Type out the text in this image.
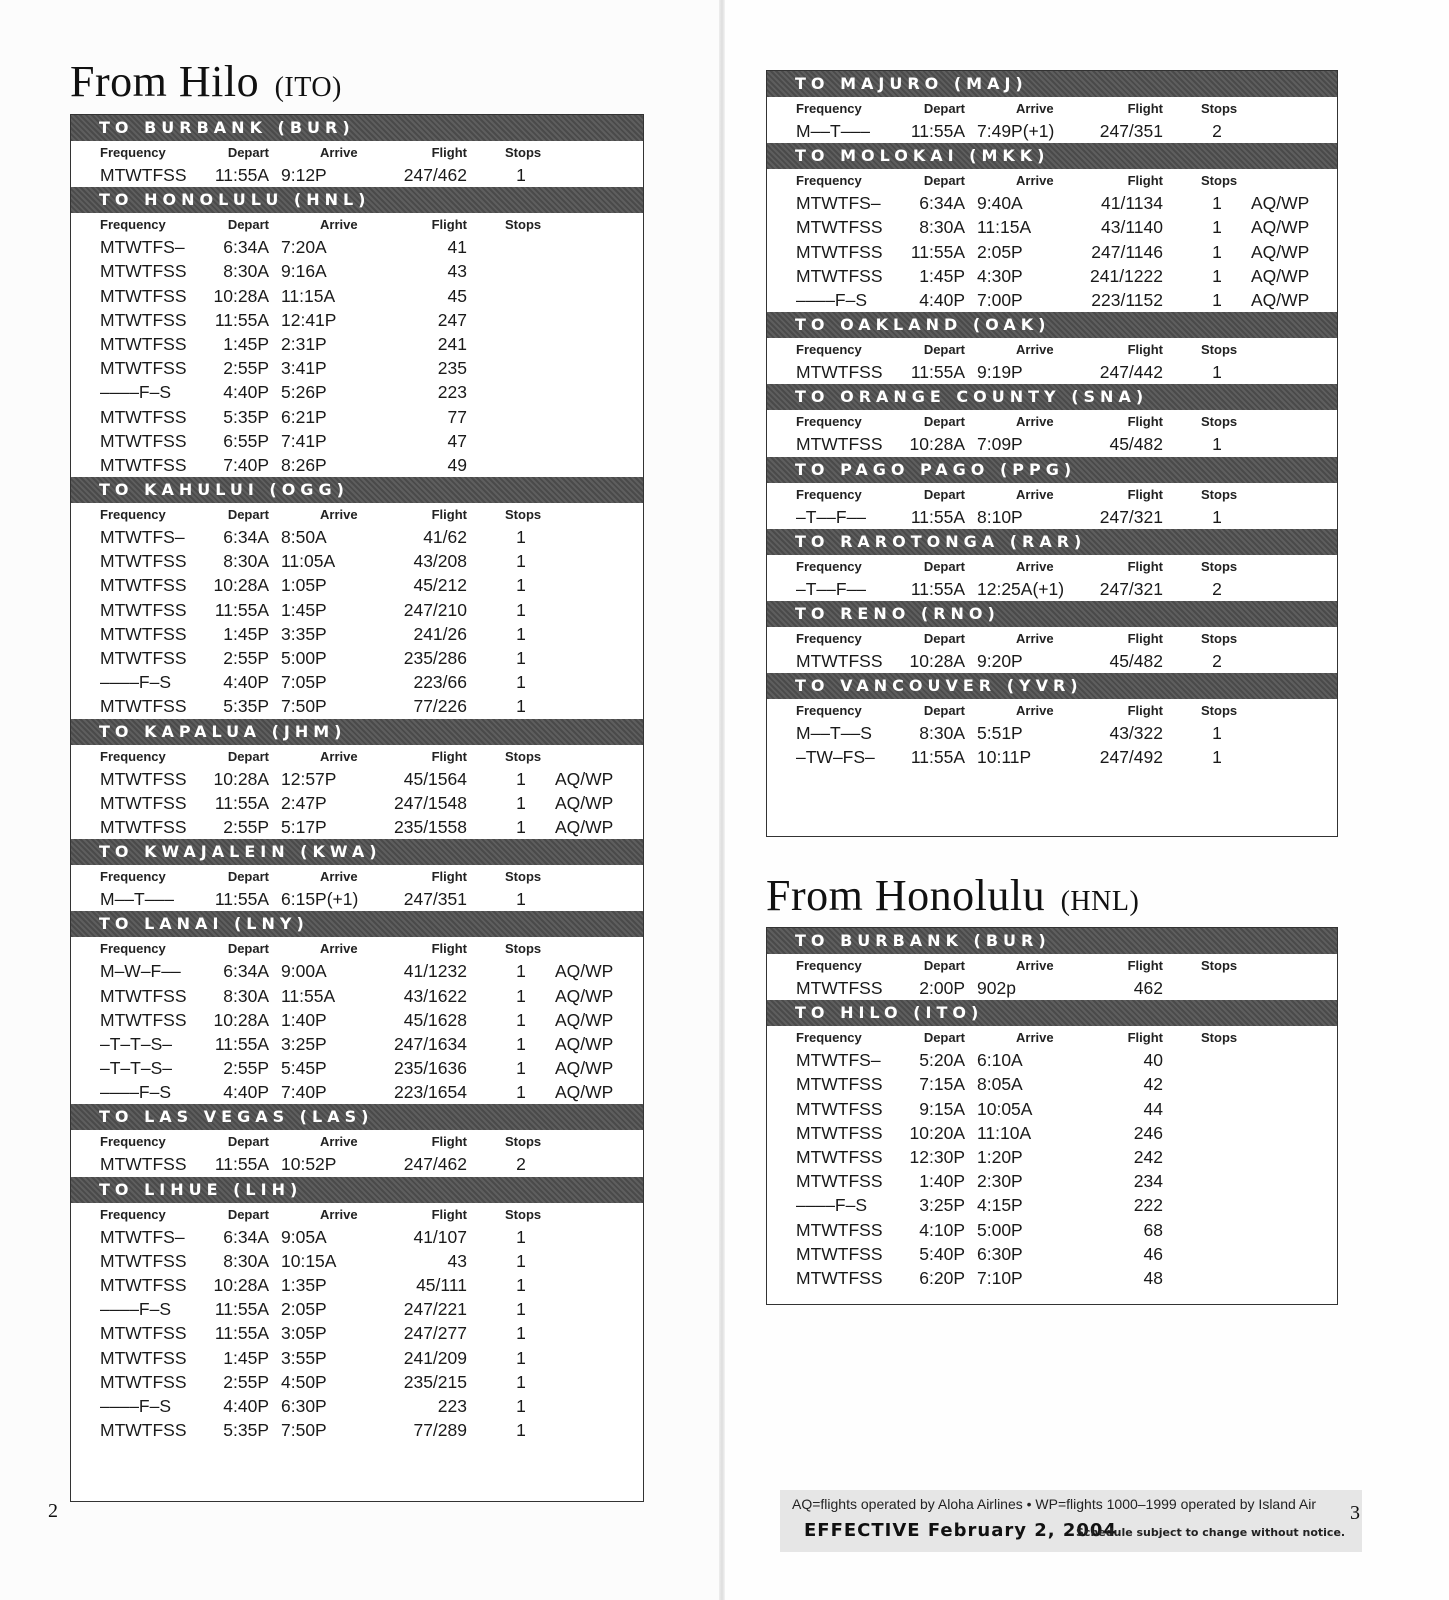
From Hilo (ITO)
TO BURBANK (BUR)
Frequency	Depart	Arrive	Flight	Stops
MTWTFSS	11:55A 9:12P	247/462	1
TO HONOLULU (HNL)
Frequency	Depart	Arrive	Flight	Stops
MTWTFS–	6:34A 7:20A	41
MTWTFSS	8:30A 9:16A	43
MTWTFSS	10:28A 11:15A	45
MTWTFSS	11:55A 12:41P	247
MTWTFSS	1:45P 2:31P	241
MTWTFSS	2:55P 3:41P	235
––––F–S	4:40P 5:26P	223
MTWTFSS	5:35P 6:21P	77
MTWTFSS	6:55P 7:41P	47
MTWTFSS	7:40P 8:26P	49
TO KAHULUI (OGG)
Frequency	Depart	Arrive	Flight	Stops
MTWTFS–	6:34A 8:50A	41/62	1
MTWTFSS	8:30A 11:05A	43/208	1
MTWTFSS	10:28A 1:05P	45/212	1
MTWTFSS	11:55A 1:45P	247/210	1
MTWTFSS	1:45P 3:35P	241/26	1
MTWTFSS	2:55P 5:00P	235/286	1
––––F–S	4:40P 7:05P	223/66	1
MTWTFSS	5:35P 7:50P	77/226	1
TO KAPALUA (JHM)
Frequency	Depart	Arrive	Flight	Stops
MTWTFSS	10:28A 12:57P	45/1564	1	AQ/WP
MTWTFSS	11:55A 2:47P	247/1548	1	AQ/WP
MTWTFSS	2:55P 5:17P	235/1558	1	AQ/WP
TO KWAJALEIN (KWA)
Frequency	Depart	Arrive	Flight	Stops
M––T–––	11:55A 6:15P(+1)	247/351	1
TO LANAI (LNY)
Frequency	Depart	Arrive	Flight	Stops
M–W–F––	6:34A 9:00A	41/1232	1	AQ/WP
MTWTFSS	8:30A 11:55A	43/1622	1	AQ/WP
MTWTFSS	10:28A 1:40P	45/1628	1	AQ/WP
–T–T–S–	11:55A 3:25P	247/1634	1	AQ/WP
–T–T–S–	2:55P 5:45P	235/1636	1	AQ/WP
––––F–S	4:40P 7:40P	223/1654	1	AQ/WP
TO LAS VEGAS (LAS)
Frequency	Depart	Arrive	Flight	Stops
MTWTFSS	11:55A 10:52P	247/462	2
TO LIHUE (LIH)
Frequency	Depart	Arrive	Flight	Stops
MTWTFS–	6:34A 9:05A	41/107	1
MTWTFSS	8:30A 10:15A	43	1
MTWTFSS	10:28A 1:35P	45/111	1
––––F–S	11:55A 2:05P	247/221	1
MTWTFSS	11:55A 3:05P	247/277	1
MTWTFSS	1:45P 3:55P	241/209	1
MTWTFSS	2:55P 4:50P	235/215	1
––––F–S	4:40P 6:30P	223	1
MTWTFSS	5:35P 7:50P	77/289	1
TO MAJURO (MAJ)
Frequency	Depart	Arrive	Flight	Stops
M––T–––	11:55A 7:49P(+1)	247/351	2
TO MOLOKAI (MKK)
Frequency	Depart	Arrive	Flight	Stops
MTWTFS–	6:34A 9:40A	41/1134	1	AQ/WP
MTWTFSS	8:30A 11:15A	43/1140	1	AQ/WP
MTWTFSS	11:55A 2:05P	247/1146	1	AQ/WP
MTWTFSS	1:45P 4:30P	241/1222	1	AQ/WP
––––F–S	4:40P 7:00P	223/1152	1	AQ/WP
TO OAKLAND (OAK)
Frequency	Depart	Arrive	Flight	Stops
MTWTFSS	11:55A 9:19P	247/442	1
TO ORANGE COUNTY (SNA)
Frequency	Depart	Arrive	Flight	Stops
MTWTFSS	10:28A 7:09P	45/482	1
TO PAGO PAGO (PPG)
Frequency	Depart	Arrive	Flight	Stops
–T––F––	11:55A 8:10P	247/321	1
TO RAROTONGA (RAR)
Frequency	Depart	Arrive	Flight	Stops
–T––F––	11:55A 12:25A(+1)	247/321	2
TO RENO (RNO)
Frequency	Depart	Arrive	Flight	Stops
MTWTFSS	10:28A 9:20P	45/482	2
TO VANCOUVER (YVR)
Frequency	Depart	Arrive	Flight	Stops
M––T––S	8:30A 5:51P	43/322	1
–TW–FS–	11:55A 10:11P	247/492	1
From Honolulu (HNL)
TO BURBANK (BUR)
Frequency	Depart	Arrive	Flight	Stops
MTWTFSS	2:00P 902p	462
TO HILO (ITO)
Frequency	Depart	Arrive	Flight	Stops
MTWTFS–	5:20A 6:10A	40
MTWTFSS	7:15A 8:05A	42
MTWTFSS	9:15A 10:05A	44
MTWTFSS	10:20A 11:10A	246
MTWTFSS	12:30P 1:20P	242
MTWTFSS	1:40P 2:30P	234
––––F–S	3:25P 4:15P	222
MTWTFSS	4:10P 5:00P	68
MTWTFSS	5:40P 6:30P	46
MTWTFSS	6:20P 7:10P	48
AQ=flights operated by Aloha Airlines • WP=flights 1000–1999 operated by Island Air
EFFECTIVE February 2, 2004
Schedule subject to change without notice.
2	3
